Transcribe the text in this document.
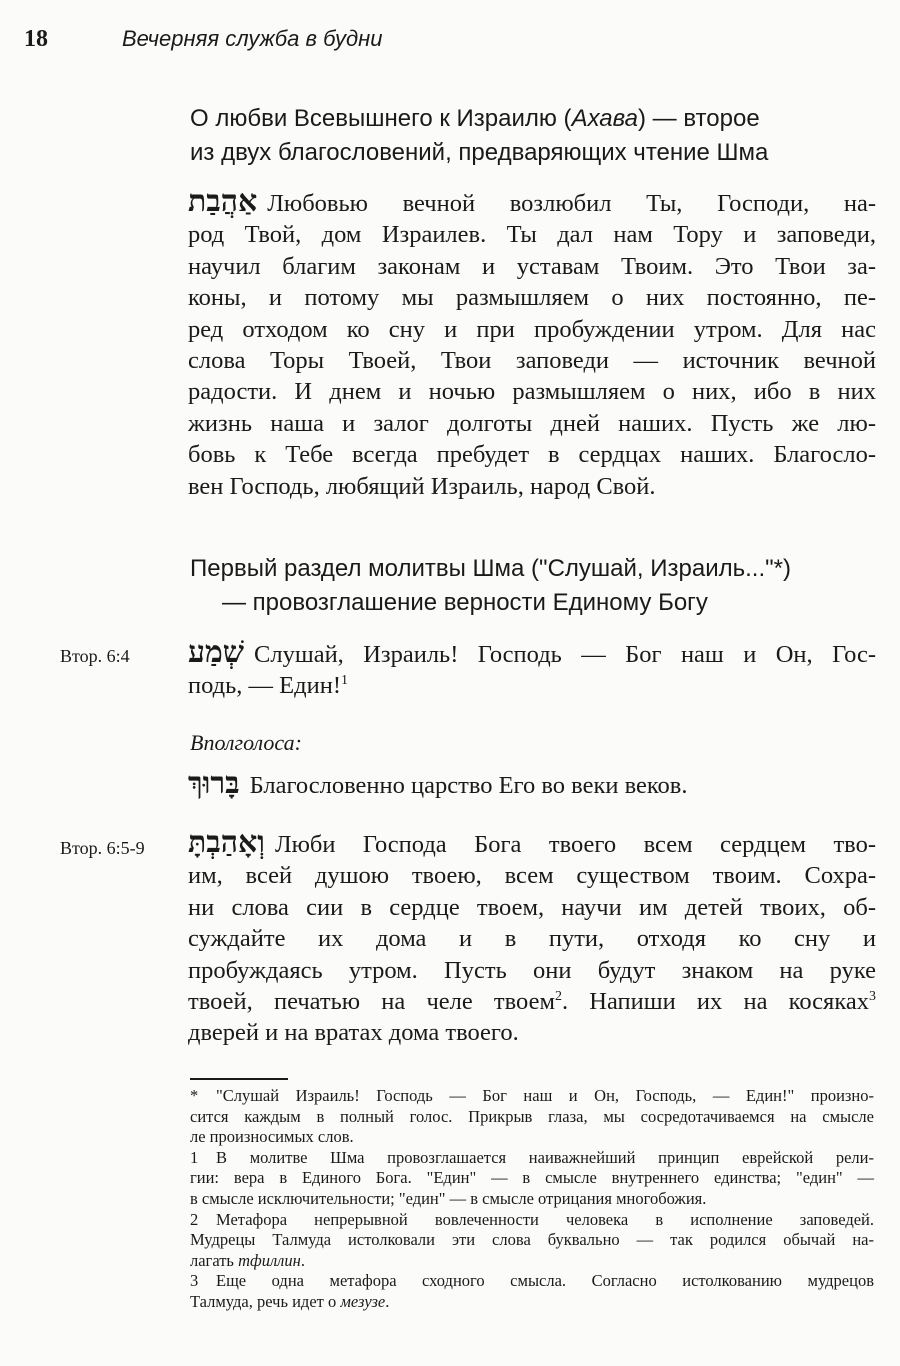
18	Вечерняя служба в будни
О любви Всевышнего к Израилю (Ахава) — второе
из двух благословений, предваряющих чтение Шма
אַהֲבַת Любовью вечной возлюбил Ты, Господи, на-
род Твой, дом Израилев. Ты дал нам Тору и заповеди,
научил благим законам и уставам Твоим. Это Твои за-
коны, и потому мы размышляем о них постоянно, пе-
ред отходом ко сну и при пробуждении утром. Для нас
слова Торы Твоей, Твои заповеди — источник вечной
радости. И днем и ночью размышляем о них, ибо в них
жизнь наша и залог долготы дней наших. Пусть же лю-
бовь к Тебе всегда пребудет в сердцах наших. Благосло-
вен Господь, любящий Израиль, народ Свой.
Первый раздел молитвы Шма ("Слушай, Израиль..."*)
— провозглашение верности Единому Богу
Втор. 6:4	שְׁמַע Слушай, Израиль! Господь — Бог наш и Он, Гос-
подь, — Един!$^1$
Вполголоса:
בָּרוּךְ Благословенно царство Его во веки веков.
Втор. 6:5-9	וְאָהַבְתָּ Люби Господа Бога твоего всем сердцем тво-
им, всей душою твоею, всем существом твоим. Сохра-
ни слова сии в сердце твоем, научи им детей твоих, об-
суждайте их дома и в пути, отходя ко сну и
пробуждаясь утром. Пусть они будут знаком на руке
твоей, печатью на челе твоем$^2$. Напиши их на косяках$^3$
дверей и на вратах дома твоего.
* "Слушай Израиль! Господь — Бог наш и Он, Господь, — Един!" произно-
сится каждым в полный голос. Прикрыв глаза, мы сосредотачиваемся на смысле
ле произносимых слов.
1 В молитве Шма провозглашается наиважнейший принцип еврейской рели-
гии: вера в Единого Бога. "Един" — в смысле внутреннего единства; "един" —
в смысле исключительности; "един" — в смысле отрицания многобожия.
2 Метафора непрерывной вовлеченности человека в исполнение заповедей.
Мудрецы Талмуда истолковали эти слова буквально — так родился обычай на-
лагать тфиллин.
3 Еще одна метафора сходного смысла. Согласно истолкованию мудрецов
Талмуда, речь идет о мезузе.
